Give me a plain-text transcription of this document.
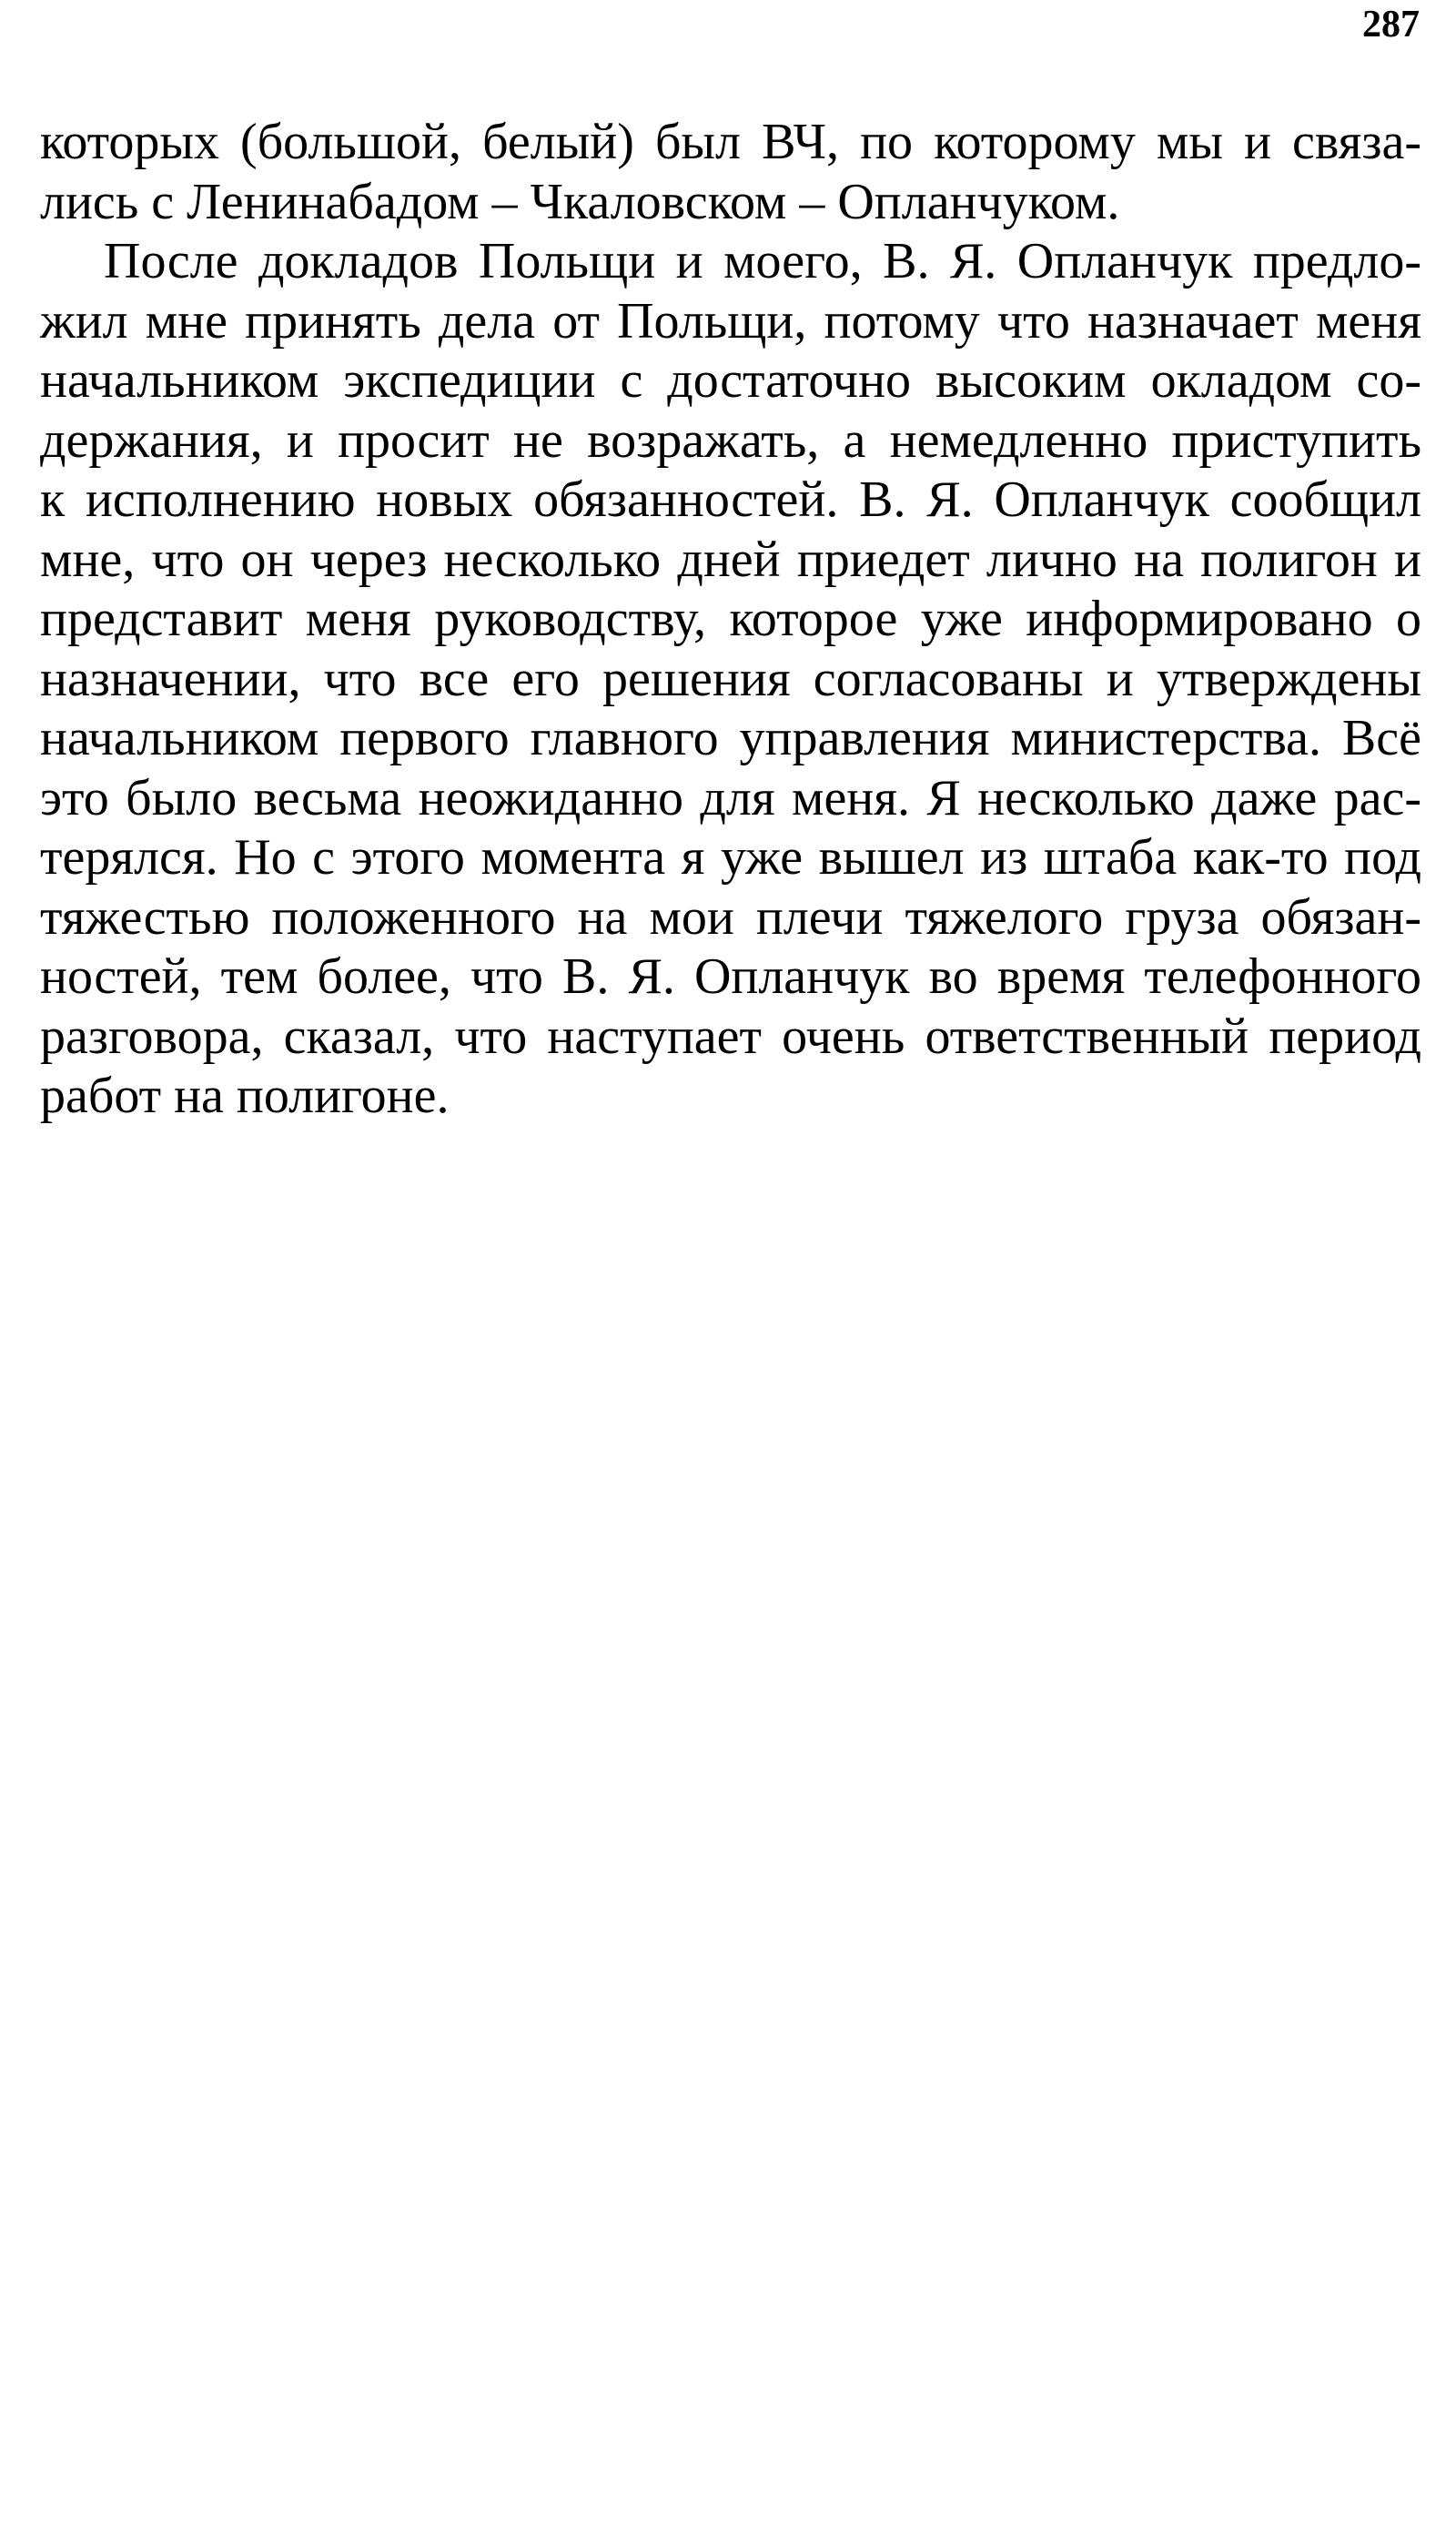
287
которых (большой, белый) был ВЧ, по которому мы и связа-
лись с Ленинабадом – Чкаловском – Опланчуком.
После докладов Польщи и моего, В. Я. Опланчук предло-
жил мне принять дела от Польщи, потому что назначает меня
начальником экспедиции с достаточно высоким окладом со-
держания, и просит не возражать, а немедленно приступить
к исполнению новых обязанностей. В. Я. Опланчук сообщил
мне, что он через несколько дней приедет лично на полигон и
представит меня руководству, которое уже информировано о
назначении, что все его решения согласованы и утверждены
начальником первого главного управления министерства. Всё
это было весьма неожиданно для меня. Я несколько даже рас-
терялся. Но с этого момента я уже вышел из штаба как-то под
тяжестью положенного на мои плечи тяжелого груза обязан-
ностей, тем более, что В. Я. Опланчук во время телефонного
разговора, сказал, что наступает очень ответственный период
работ на полигоне.
